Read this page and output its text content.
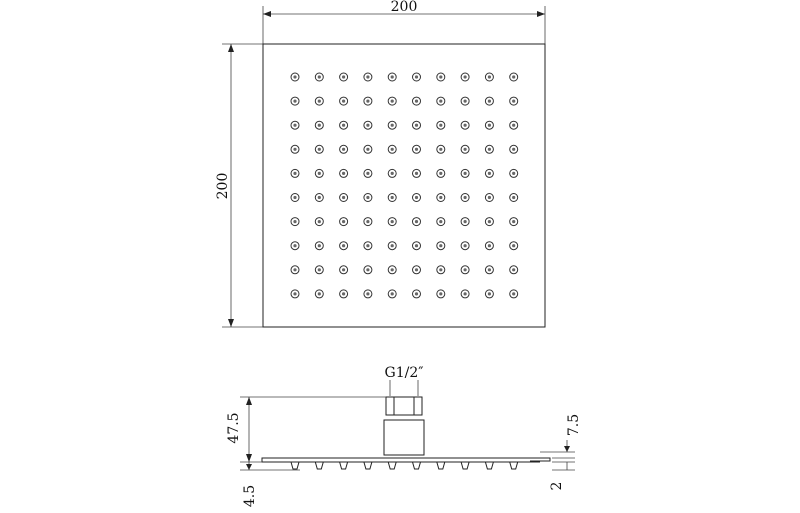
200
200
G1/2″
47.5
4.5
7.5
2
